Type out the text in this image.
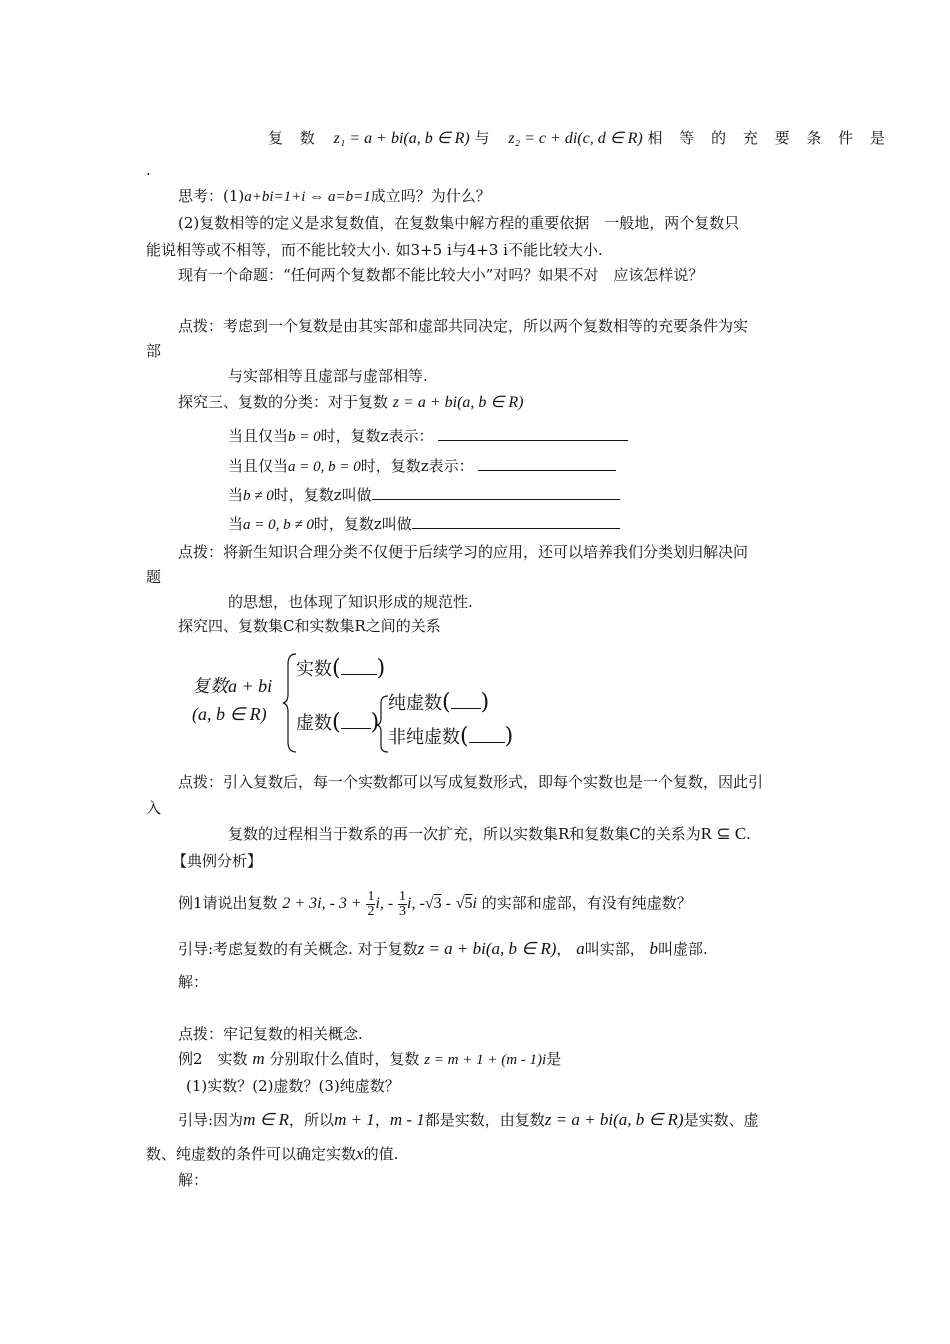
复 数 z₁ = a + bi(a, b ∈ R) 与 z₂ = c + di(c, d ∈ R) 相 等 的 充 要 条 件 是
.
思考：(1)a+bi=1+i ⇔ a=b=1成立吗？为什么？
(2)复数相等的定义是求复数值，在复数集中解方程的重要依据　一般地，两个复数只
能说相等或不相等，而不能比较大小. 如3+5 i与4+3 i不能比较大小.
现有一个命题：“任何两个复数都不能比较大小”对吗？如果不对　应该怎样说？
点拨：考虑到一个复数是由其实部和虚部共同决定，所以两个复数相等的充要条件为实
部
与实部相等且虚部与虚部相等.
探究三、复数的分类：对于复数 z = a + bi(a, b ∈ R)
当且仅当b = 0时，复数z表示：
当且仅当a = 0, b = 0时，复数z表示：
当b ≠ 0时，复数z叫做
当a = 0, b ≠ 0时，复数z叫做
点拨：将新生知识合理分类不仅便于后续学习的应用，还可以培养我们分类划归解决问
题
的思想，也体现了知识形成的规范性.
探究四、复数集C和实数集R之间的关系
复数a + bi
(a, b ∈ R)
实数( )
虚数( )
纯虚数( )
非纯虚数( )
点拨：引入复数后，每一个实数都可以写成复数形式，即每个实数也是一个复数，因此引
入
复数的过程相当于数系的再一次扩充，所以实数集R和复数集C的关系为R ⊆ C.
【典例分析】
例1请说出复数 2 + 3i, - $3 + \frac{1}{2} i$, - $\frac{1}{3} i$, -√3 - √5i 的实部和虚部，有没有纯虚数？
引导:考虑复数的有关概念. 对于复数z = a + bi(a, b ∈ R)， a叫实部， b叫虚部.
解：
点拨：牢记复数的相关概念.
例2　实数 m 分别取什么值时，复数 z = m + 1 + (m - 1)i是
(1)实数？(2)虚数？(3)纯虚数？
引导:因为m ∈ R，所以m + 1，m - 1都是实数，由复数z = a + bi(a, b ∈ R)是实数、虚
数、纯虚数的条件可以确定实数x的值.
解：
